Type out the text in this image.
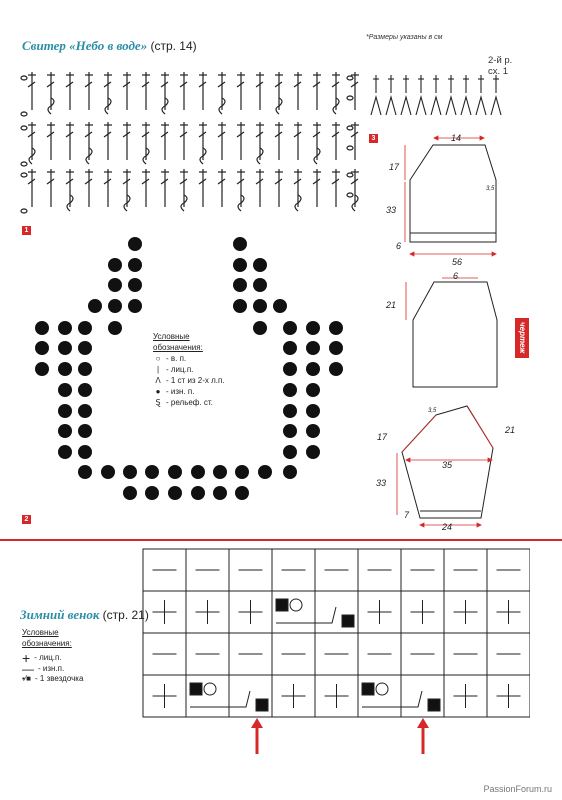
Свитер «Небо в воде» (стр. 14)
*Размеры указаны в см
2-й р.
сх. 1
1
3
2
Условные
обозначения:
○ - в. п.
| - лиц.п.
Λ - 1 ст из 2-х л.п.
● - изн. п.
Ȿ - рельеф. ст.
14
17
33
6
56
3,5
6
21
3,5
17
21
35
33
7
24
чертеж
Зимний венок (стр. 21)
Условные
обозначения:
+ - лиц.п.
— - изн.п.
▪⁄■ - 1 звездочка
PassionForum.ru
